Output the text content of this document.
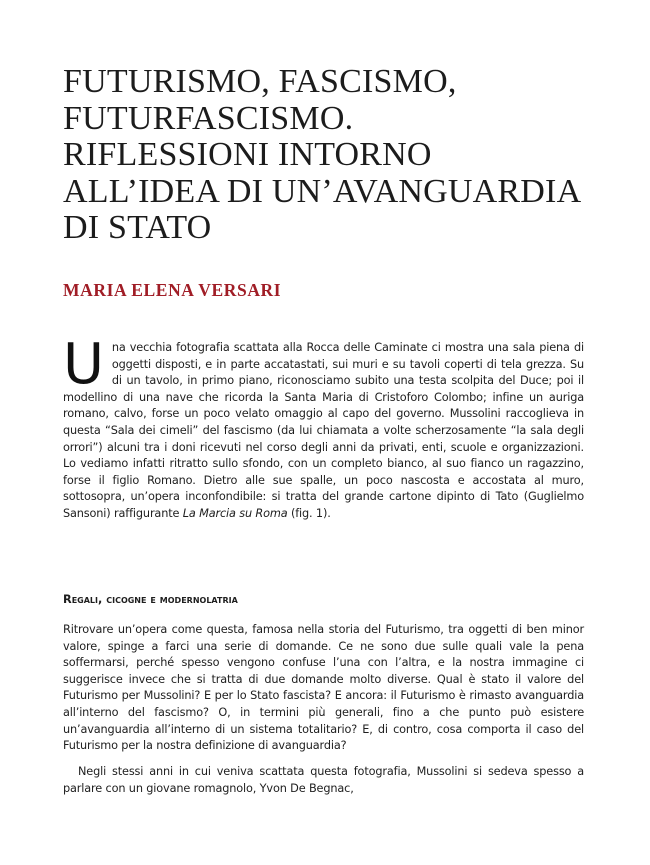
FUTURISMO, FASCISMO,
FUTURFASCISMO.
RIFLESSIONI INTORNO
ALL’IDEA DI UN’AVANGUARDIA
DI STATO
MARIA ELENA VERSARI

Una vecchia fotografia scattata alla Rocca delle Caminate ci mostra una sala piena di oggetti disposti, e in parte accatastati, sui muri e su tavoli coperti di tela grezza. Su di un tavolo, in primo piano, riconosciamo subito una testa scolpita del Duce; poi il modellino di una nave che ricorda la Santa Maria di Cristoforo Colombo; infine un auriga romano, calvo, forse un poco velato omaggio al capo del governo. Mussolini raccoglieva in questa “Sala dei cimeli” del fascismo (da lui chiamata a volte scherzosamente “la sala degli orrori”) alcuni tra i doni ricevuti nel corso degli anni da privati, enti, scuole e organizzazioni. Lo vediamo infatti ritratto sullo sfondo, con un completo bianco, al suo fianco un ragazzino, forse il figlio Romano. Dietro alle sue spalle, un poco nascosta e accostata al muro, sottosopra, un’opera inconfondibile: si tratta del grande cartone dipinto di Tato (Guglielmo Sansoni) raffigurante La Marcia su Roma (fig. 1).

Regali, cicogne e modernolatria

Ritrovare un’opera come questa, famosa nella storia del Futurismo, tra oggetti di ben minor valore, spinge a farci una serie di domande. Ce ne sono due sulle quali vale la pena soffermarsi, perché spesso vengono confuse l’una con l’altra, e la nostra immagine ci suggerisce invece che si tratta di due domande molto diverse. Qual è stato il valore del Futurismo per Mussolini? E per lo Stato fascista? E ancora: il Futurismo è rimasto avanguardia all’interno del fascismo? O, in termini più generali, fino a che punto può esistere un’avanguardia all’interno di un sistema totalitario? E, di contro, cosa comporta il caso del Futurismo per la nostra definizione di avanguardia?

Negli stessi anni in cui veniva scattata questa fotografia, Mussolini si sedeva spesso a parlare con un giovane romagnolo, Yvon De Begnac,
